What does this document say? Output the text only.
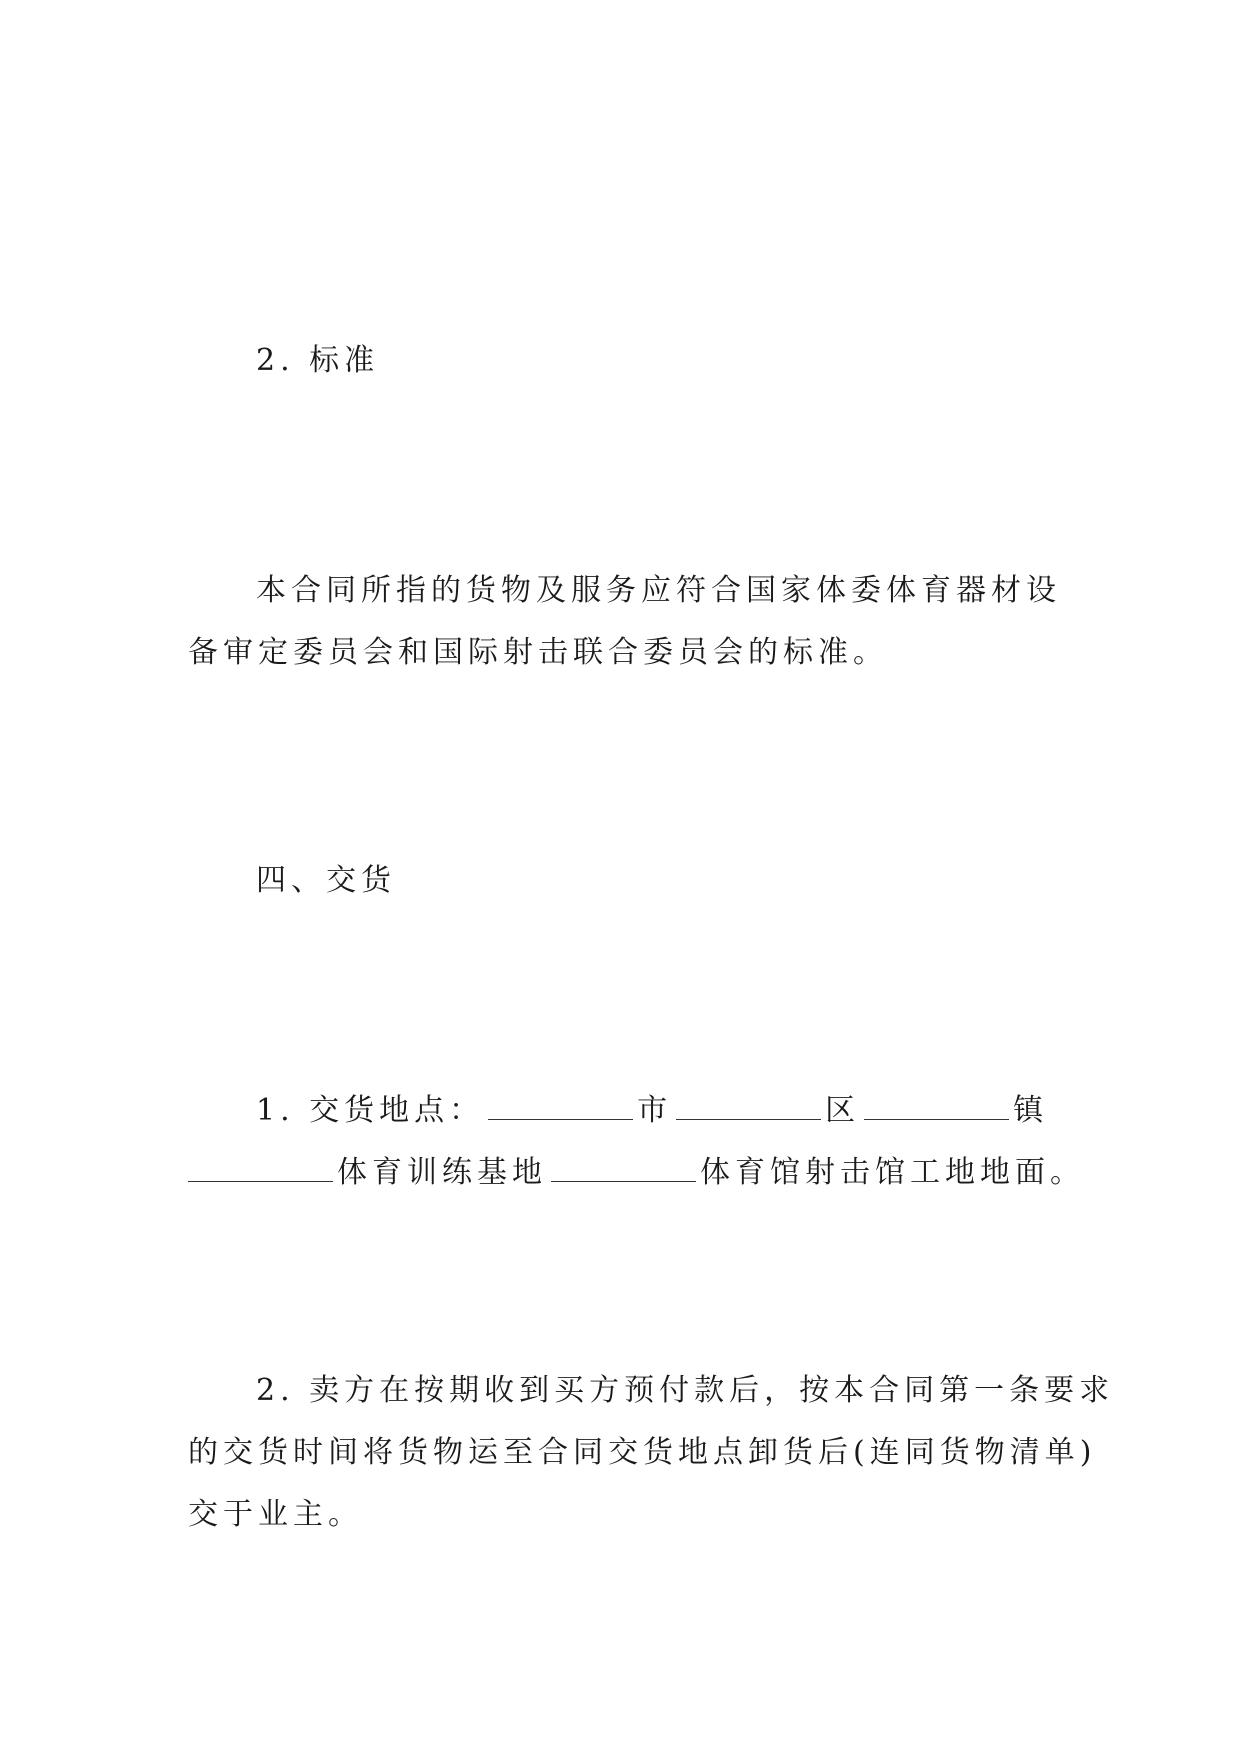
2. 标准
本合同所指的货物及服务应符合国家体委体育器材设
备审定委员会和国际射击联合委员会的标准。
四、交货
1. 交货地点：	市	区	镇
体育训练基地	体育馆射击馆工地地面。
2. 卖方在按期收到买方预付款后，按本合同第一条要求
的交货时间将货物运至合同交货地点卸货后(连同货物清单)
交于业主。
